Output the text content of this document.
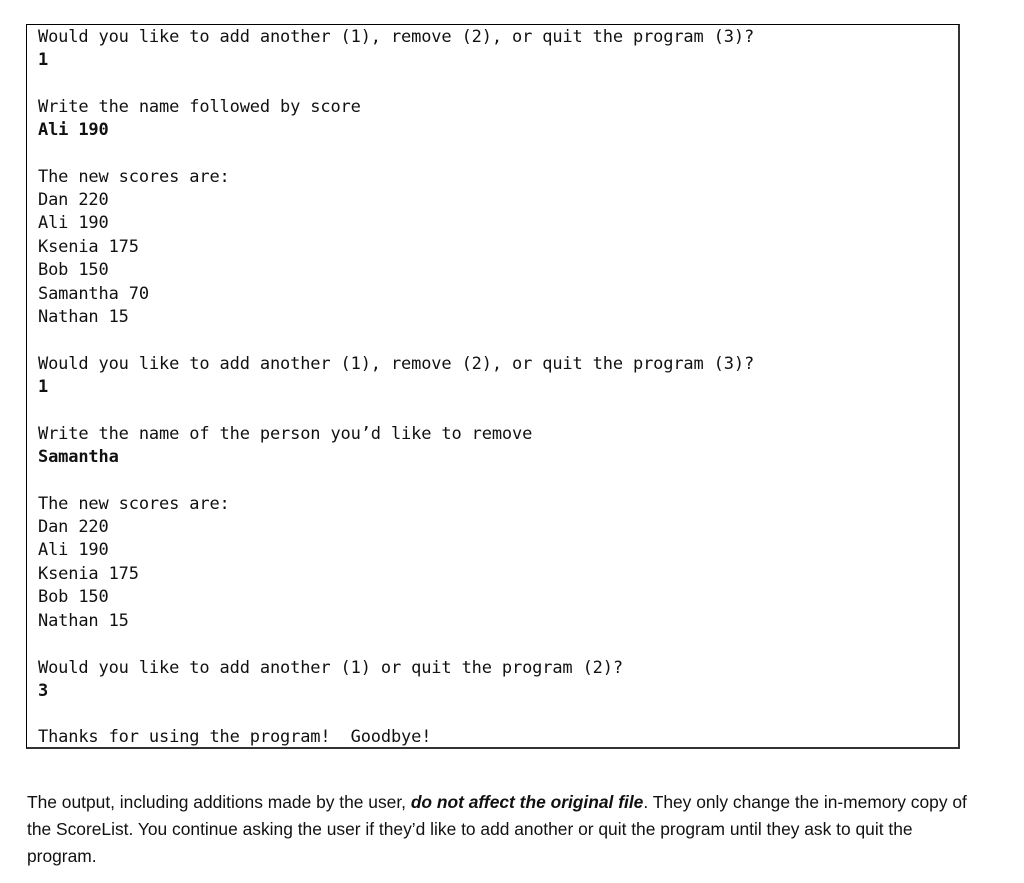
Would you like to add another (1), remove (2), or quit the program (3)?
1
Write the name followed by score
Ali 190
The new scores are:
Dan 220
Ali 190
Ksenia 175
Bob 150
Samantha 70
Nathan 15
Would you like to add another (1), remove (2), or quit the program (3)?
1
Write the name of the person you’d like to remove
Samantha
The new scores are:
Dan 220
Ali 190
Ksenia 175
Bob 150
Nathan 15
Would you like to add another (1) or quit the program (2)?
3
Thanks for using the program!  Goodbye!

The output, including additions made by the user, do not affect the original file. They only change the in-memory copy of the ScoreList. You continue asking the user if they’d like to add another or quit the program until they ask to quit the program.
